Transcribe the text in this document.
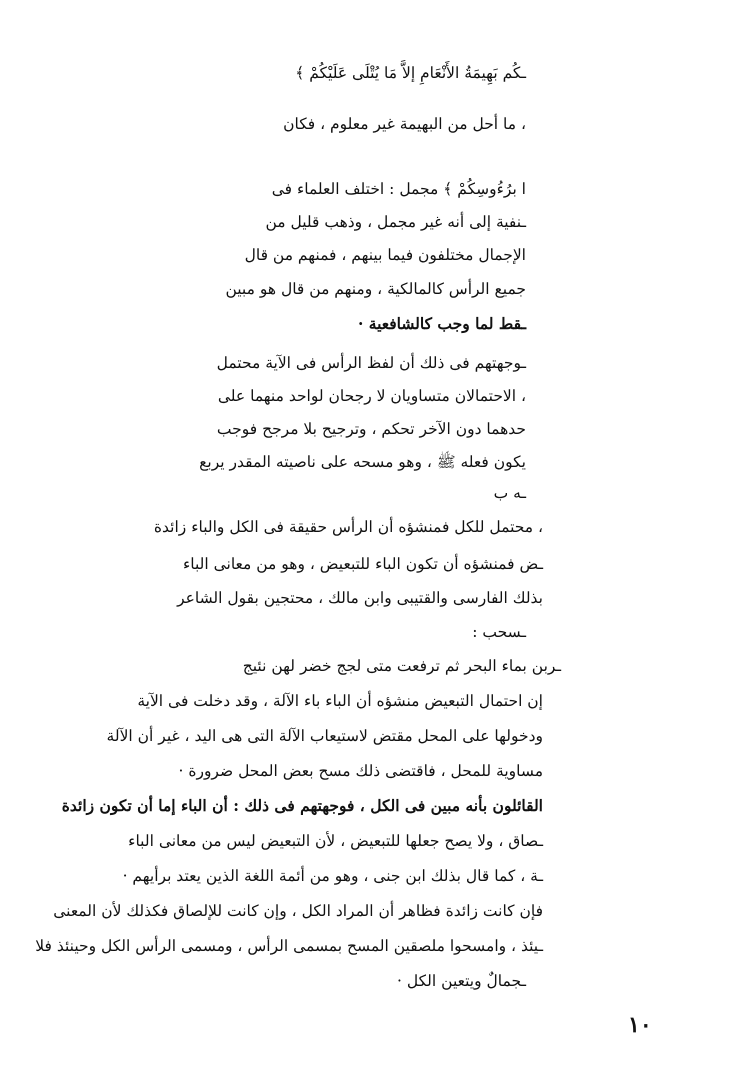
ـكُم بَهِيمَةُ الأَنْعَامِ إلاَّ مَا يُتْلَى عَلَيْكُمْ ﴾
، ما أحل من البهيمة غير معلوم ، فكان
ا برُءُوسِكُمْ ﴾ مجمل : اختلف العلماء فى
ـنفية إلى أنه غير مجمل ، وذهب قليل من
الإجمال مختلفون فيما بينهم ، فمنهم من قال
جميع الرأس كالمالكية ، ومنهم من قال هو مبين
ـقط لما وجب كالشافعية ·
ـوجهتهم فى ذلك أن لفظ الرأس فى الآية محتمل
، الاحتمالان متساويان لا رجحان لواحد منهما على
حدهما دون الآخر تحكم ، وترجيح بلا مرجح فوجب
يكون فعله ﷺ ، وهو مسحه على ناصيته المقدر يربع
ـه ب
، محتمل للكل فمنشؤه أن الرأس حقيقة فى الكل والباء زائدة
ـض فمنشؤه أن تكون الباء للتبعيض ، وهو من معانى الباء
بذلك الفارسى والقتيبى وابن مالك ، محتجين بقول الشاعر
ـسحب :
ـربن بماء البحر ثم ترفعت متى لجج خضر لهن نئيج
إن احتمال التبعيض منشؤه أن الباء باء الآلة ، وقد دخلت فى الآية
ودخولها على المحل مقتض لاستيعاب الآلة التى هى اليد ، غير أن الآلة
مساوية للمحل ، فاقتضى ذلك مسح بعض المحل ضرورة ·
القائلون بأنه مبين فى الكل ، فوجهتهم فى ذلك : أن الباء إما أن تكون زائدة
ـصاق ، ولا يصح جعلها للتبعيض ، لأن التبعيض ليس من معانى الباء
ـة ، كما قال بذلك ابن جنى ، وهو من أئمة اللغة الذين يعتد برأيهم ·
فإن كانت زائدة فظاهر أن المراد الكل ، وإن كانت للإلصاق فكذلك لأن المعنى
ـيئذ ، وامسحوا ملصقين المسح بمسمى الرأس ، ومسمى الرأس الكل وحينئذ فلا
ـجمالٌ ويتعين الكل ·
١٠
